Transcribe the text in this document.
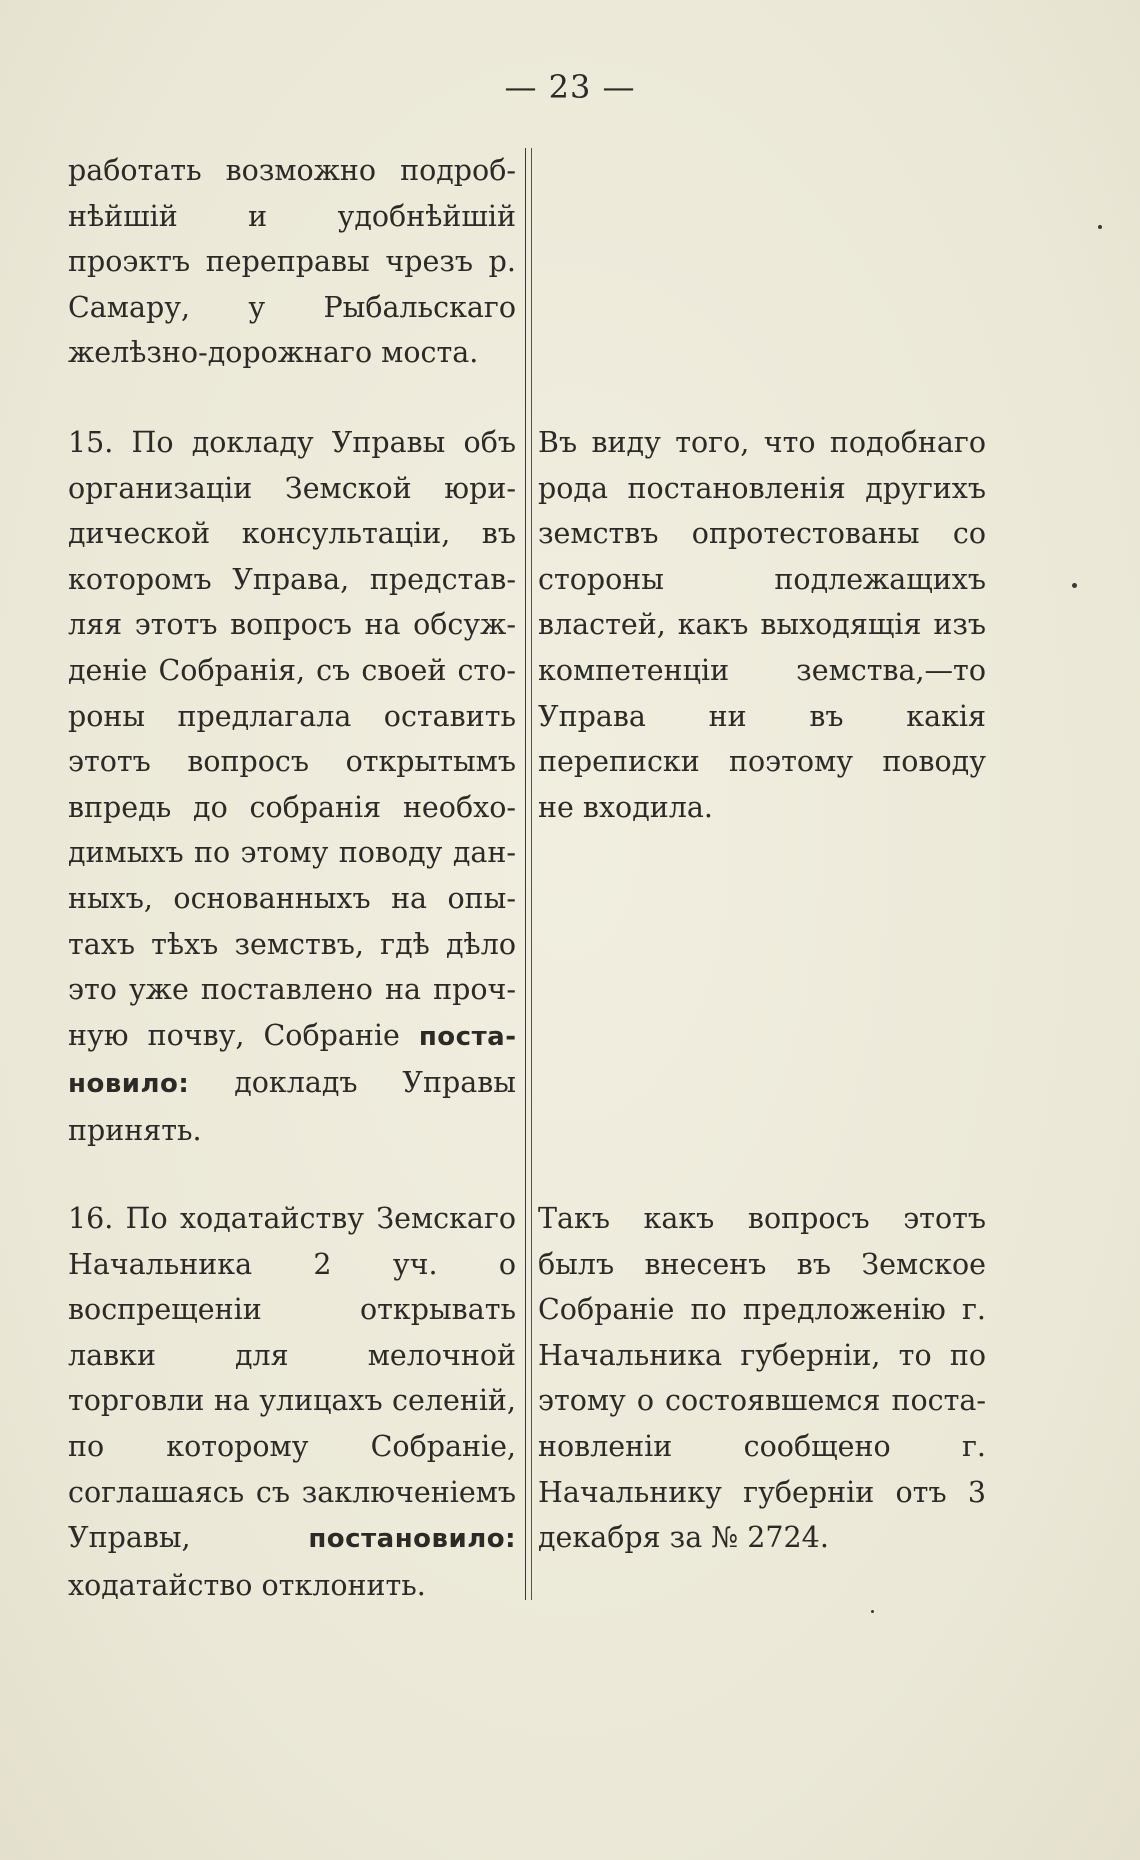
— 23 —

работать возможно подробнѣйшій и удобнѣйшій проэктъ переправы чрезъ р. Самару, у Рыбальскаго желѣзно-дорожнаго моста.

15. По докладу Управы объ организаціи Земской юридической консультаціи, въ которомъ Управа, представляя этотъ вопросъ на обсужденіе Собранія, съ своей стороны предлагала оставить этотъ вопросъ открытымъ впредь до собранія необходимыхъ по этому поводу данныхъ, основанныхъ на опытахъ тѣхъ земствъ, гдѣ дѣло это уже поставлено на прочную почву, Собраніе постановило: докладъ Управы принять.

16. По ходатайству Земскаго Начальника 2 уч. о воспрещеніи открывать лавки для мелочной торговли на улицахъ селеній, по которому Собраніе, соглашаясь съ заключеніемъ Управы, постановило: ходатайство отклонить.

Въ виду того, что подобнаго рода постановленія другихъ земствъ опротестованы со стороны подлежащихъ властей, какъ выходящія изъ компетенціи земства,—то Управа ни въ какія переписки поэтому поводу не входила.

Такъ какъ вопросъ этотъ былъ внесенъ въ Земское Собраніе по предложенію г. Начальника губерніи, то по этому о состоявшемся постановленіи сообщено г. Начальнику губерніи отъ 3 декабря за № 2724.
